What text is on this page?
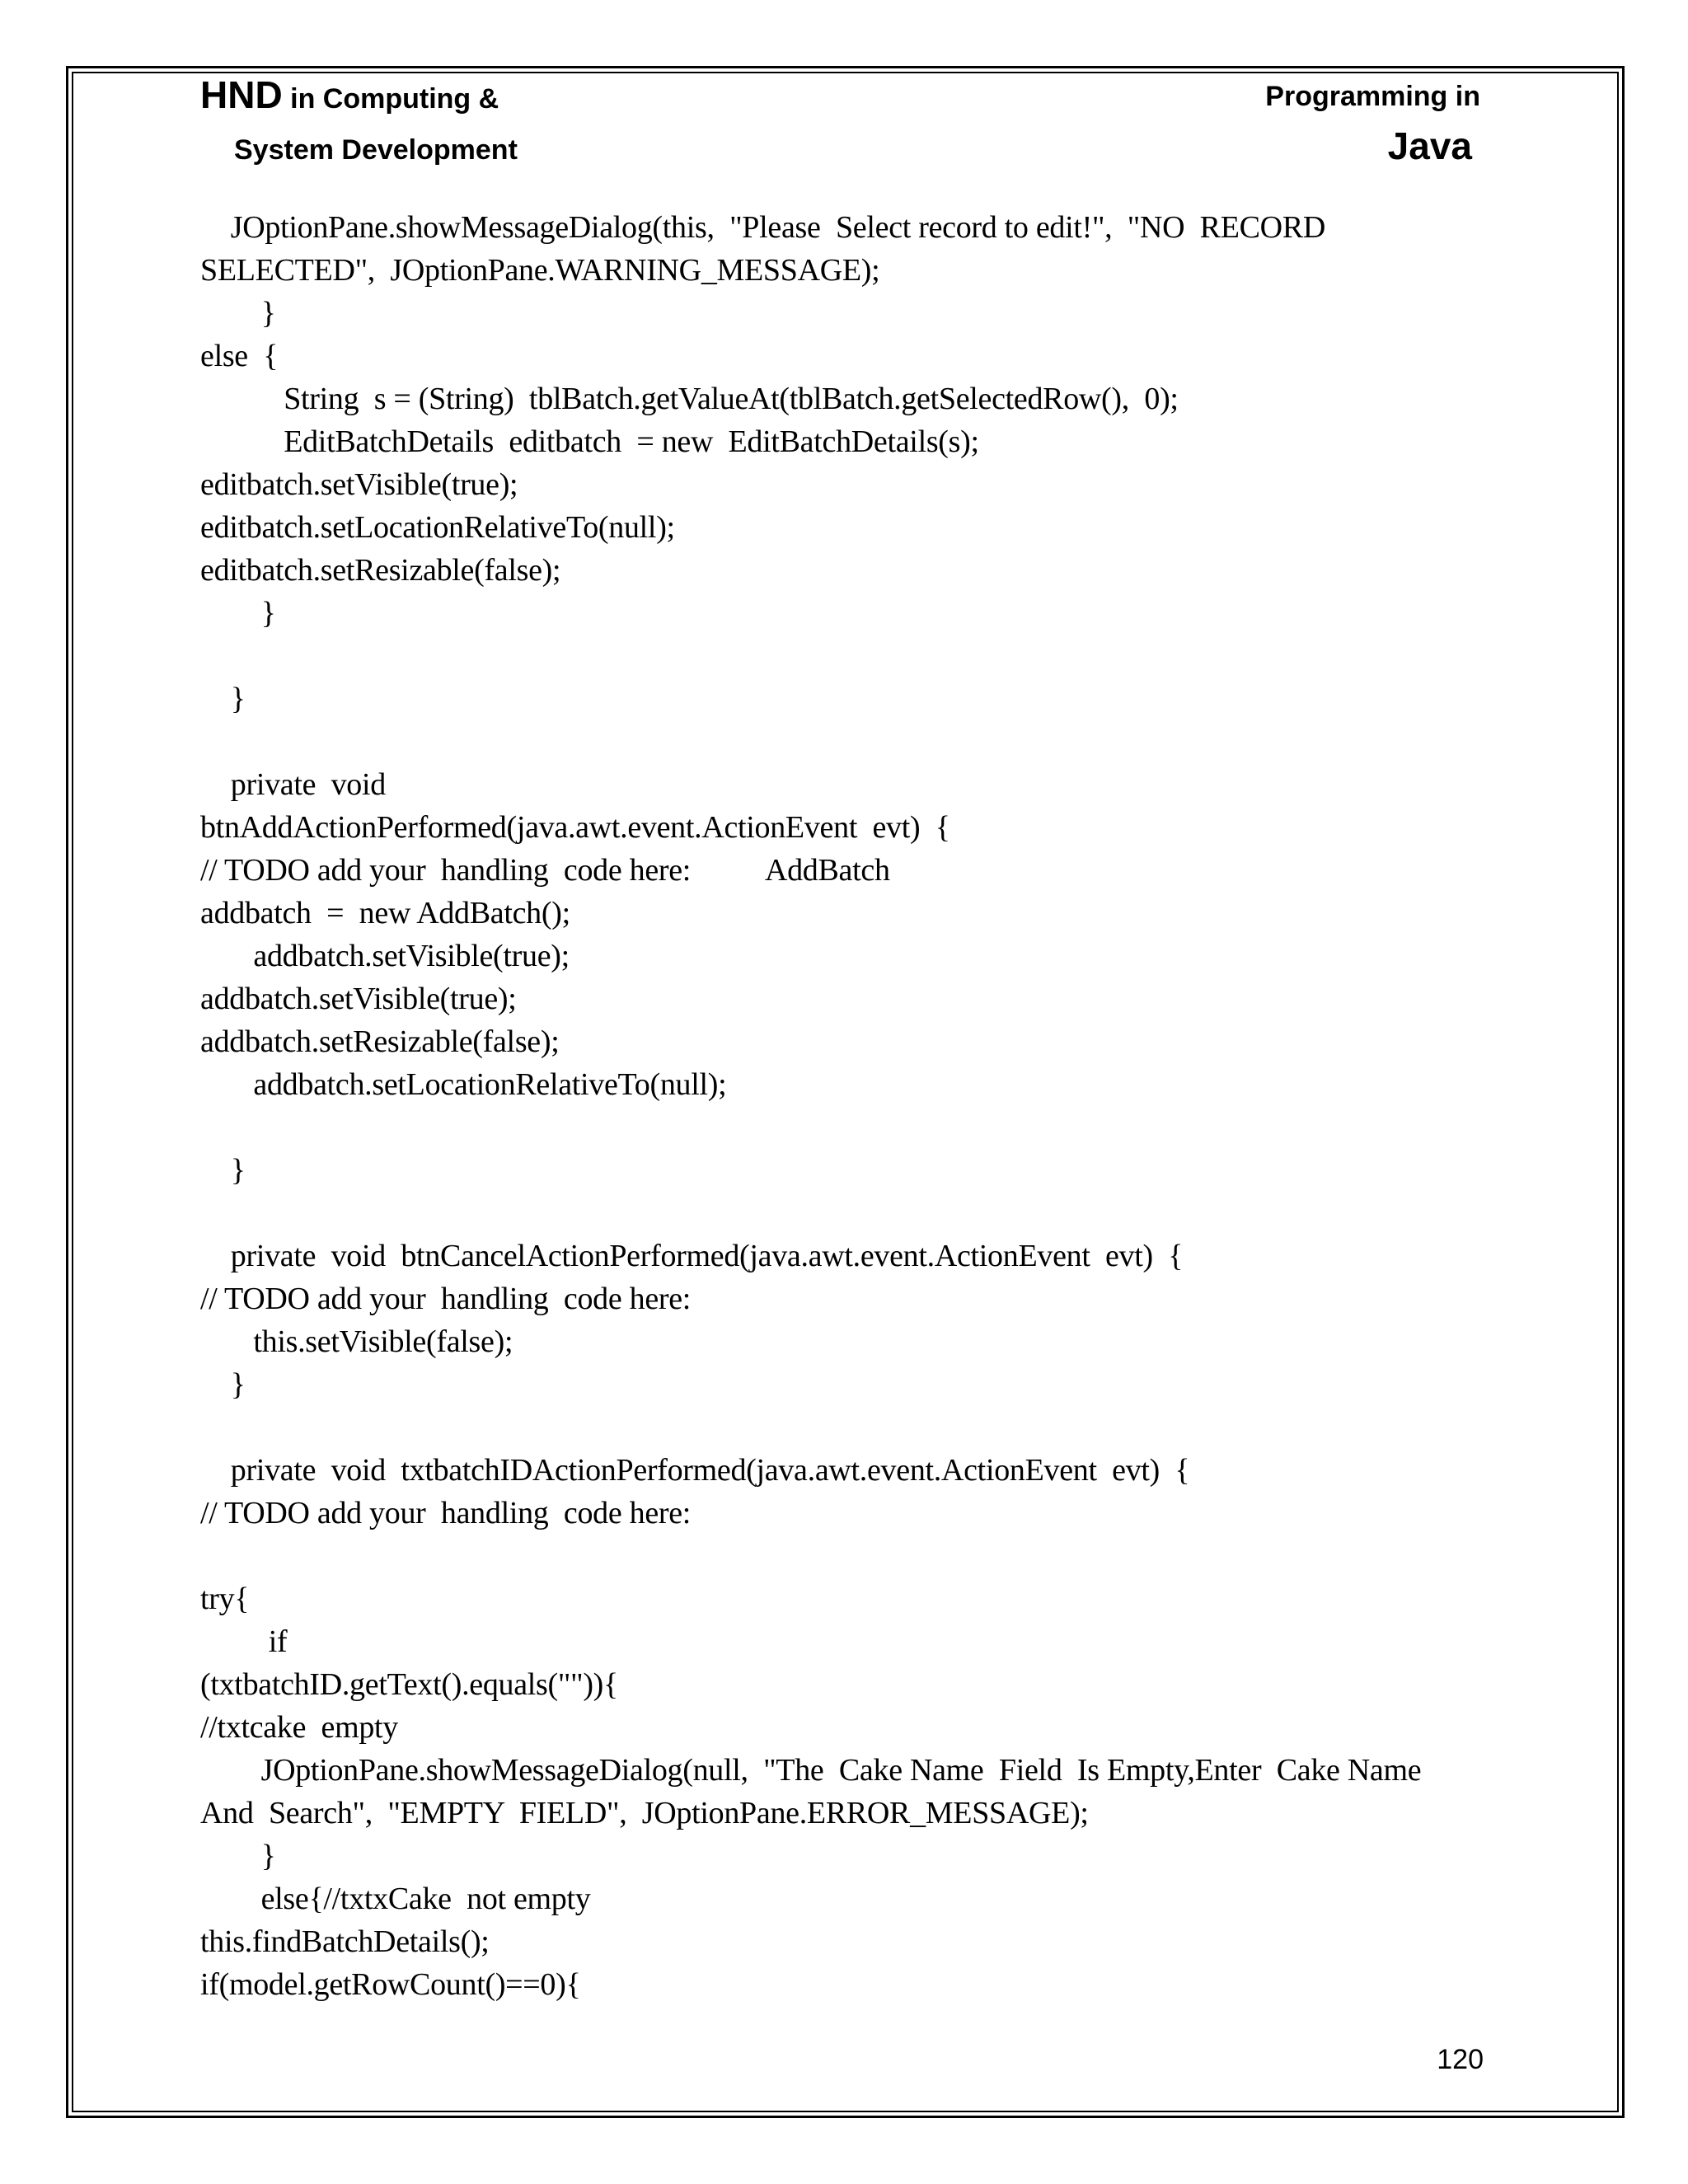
HND in Computing &
System Development
Programming in
Java
JOptionPane.showMessageDialog(this,  "Please  Select record to edit!",  "NO  RECORD
SELECTED",  JOptionPane.WARNING_MESSAGE);
}
else  {
String  s = (String)  tblBatch.getValueAt(tblBatch.getSelectedRow(),  0);
EditBatchDetails  editbatch  = new  EditBatchDetails(s);
editbatch.setVisible(true);
editbatch.setLocationRelativeTo(null);
editbatch.setResizable(false);
}
}
private  void
btnAddActionPerformed(java.awt.event.ActionEvent  evt)  {
// TODO add your  handling  code here:          AddBatch
addbatch  =  new AddBatch();
addbatch.setVisible(true);
addbatch.setVisible(true);
addbatch.setResizable(false);
addbatch.setLocationRelativeTo(null);
}
private  void  btnCancelActionPerformed(java.awt.event.ActionEvent  evt)  {
// TODO add your  handling  code here:
this.setVisible(false);
}
private  void  txtbatchIDActionPerformed(java.awt.event.ActionEvent  evt)  {
// TODO add your  handling  code here:
try{
if
(txtbatchID.getText().equals("")){
//txtcake  empty
JOptionPane.showMessageDialog(null,  "The  Cake Name  Field  Is Empty,Enter  Cake Name
And  Search",  "EMPTY  FIELD",  JOptionPane.ERROR_MESSAGE);
}
else{//txtxCake  not empty
this.findBatchDetails();
if(model.getRowCount()==0){
120
